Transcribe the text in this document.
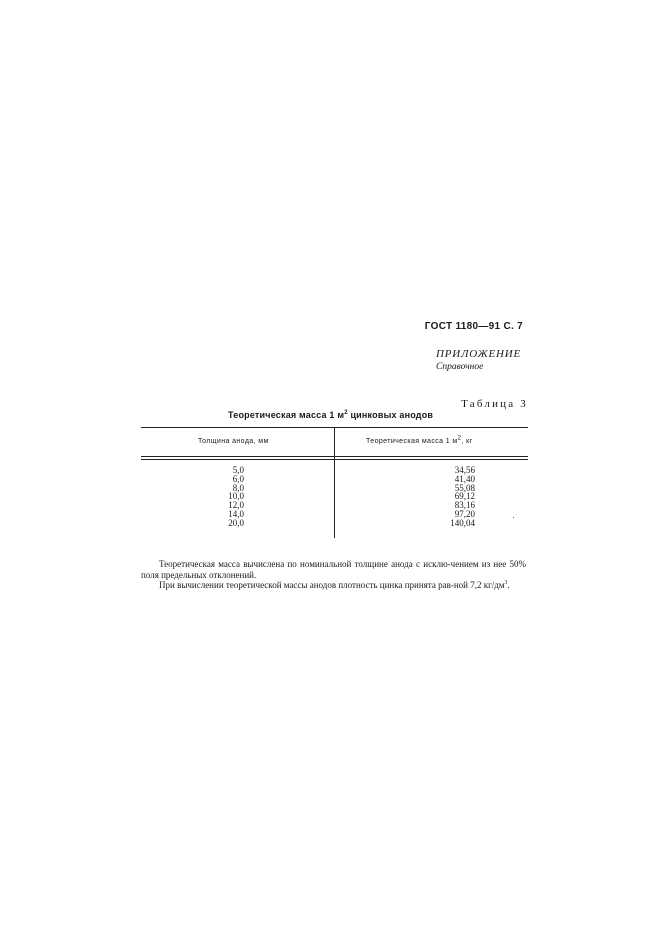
ГОСТ 1180—91 С. 7
ПРИЛОЖЕНИЕ
Справочное
Таблица 3
Теоретическая масса 1 $м^2$ цинковых анодов
Толщина анода, мм	Теоретическая масса 1 $м^2$, кг
5,0
6,0
8,0
10,0
12,0
14,0
20,0
34,56
41,40
55,08
69,12
83,16
97,20
140,04

Теоретическая масса вычислена по номинальной толщине анода с исклю-чением из нее 50% поля предельных отклонений.

При вычислении теоретической массы анодов плотность цинка принята рав-ной 7,2 $кг/дм^3$.
